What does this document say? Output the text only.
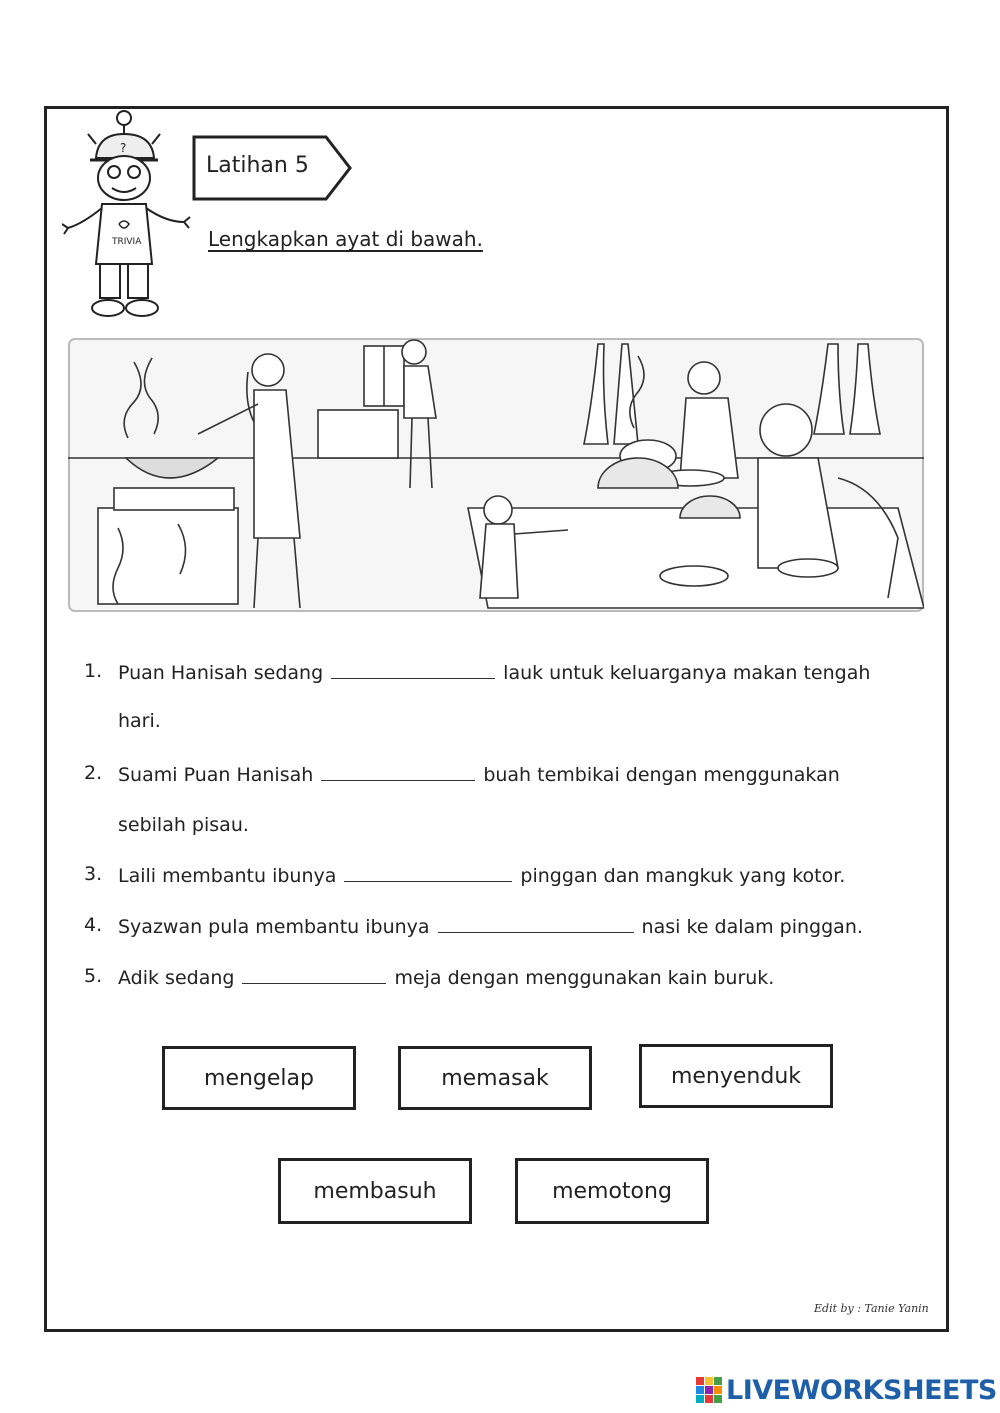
?
TRIVIA
Latihan 5
Lengkapkan ayat di bawah.
1. Puan Hanisah sedang	lauk untuk keluarganya makan tengah
hari.
2. Suami Puan Hanisah	buah tembikai dengan menggunakan
sebilah pisau.
3. Laili membantu ibunya	pinggan dan mangkuk yang kotor.
4. Syazwan pula membantu ibunya	nasi ke dalam pinggan.
5. Adik sedang	meja dengan menggunakan kain buruk.
mengelap	memasak	menyenduk
membasuh	memotong
Edit by : Tanie Yanin
LIVEWORKSHEETS
